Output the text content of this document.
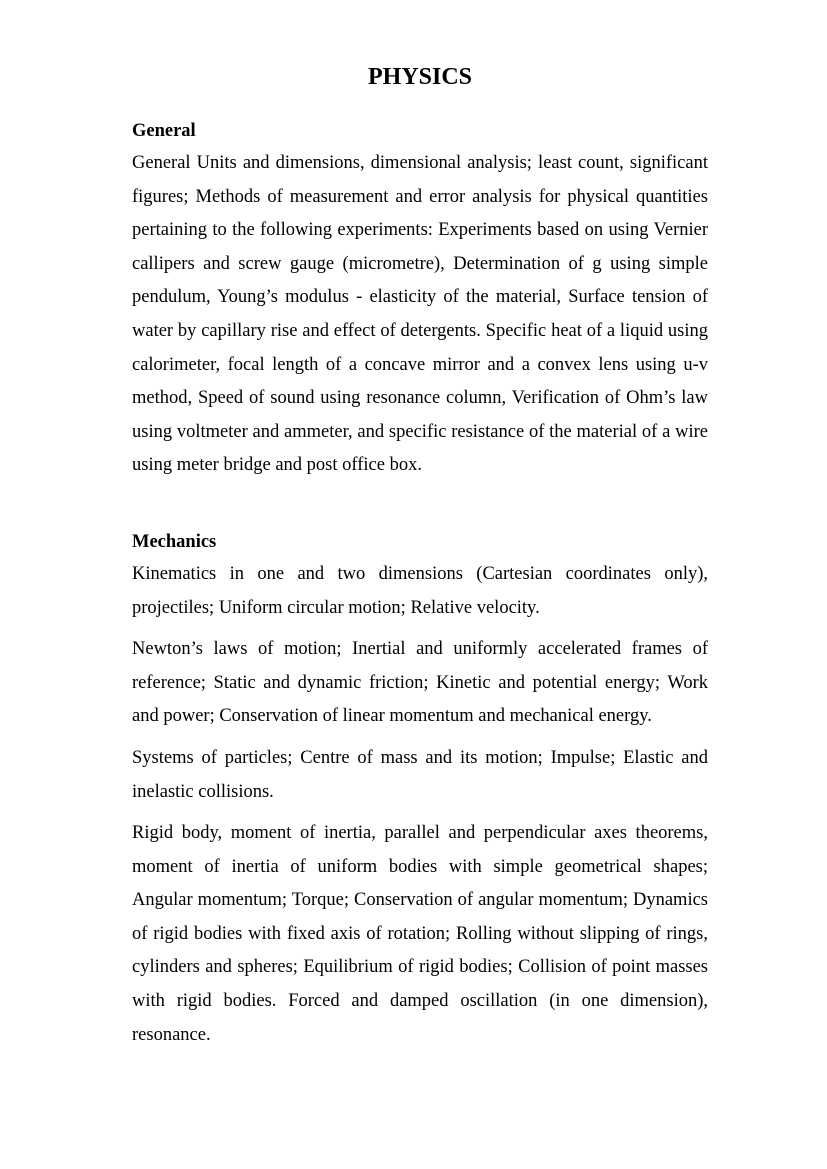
PHYSICS
General
General Units and dimensions, dimensional analysis; least count, significant figures; Methods of measurement and error analysis for physical quantities pertaining to the following experiments: Experiments based on using Vernier callipers and screw gauge (micrometre), Determination of g using simple pendulum, Young’s modulus - elasticity of the material, Surface tension of water by capillary rise and effect of detergents. Specific heat of a liquid using calorimeter, focal length of a concave mirror and a convex lens using u-v method, Speed of sound using resonance column, Verification of Ohm’s law using voltmeter and ammeter, and specific resistance of the material of a wire using meter bridge and post office box.
Mechanics
Kinematics in one and two dimensions (Cartesian coordinates only), projectiles; Uniform circular motion; Relative velocity.
Newton’s laws of motion; Inertial and uniformly accelerated frames of reference; Static and dynamic friction; Kinetic and potential energy; Work and power; Conservation of linear momentum and mechanical energy.
Systems of particles; Centre of mass and its motion; Impulse; Elastic and inelastic collisions.
Rigid body, moment of inertia, parallel and perpendicular axes theorems, moment of inertia of uniform bodies with simple geometrical shapes; Angular momentum; Torque; Conservation of angular momentum; Dynamics of rigid bodies with fixed axis of rotation; Rolling without slipping of rings, cylinders and spheres; Equilibrium of rigid bodies; Collision of point masses with rigid bodies. Forced and damped oscillation (in one dimension), resonance.
